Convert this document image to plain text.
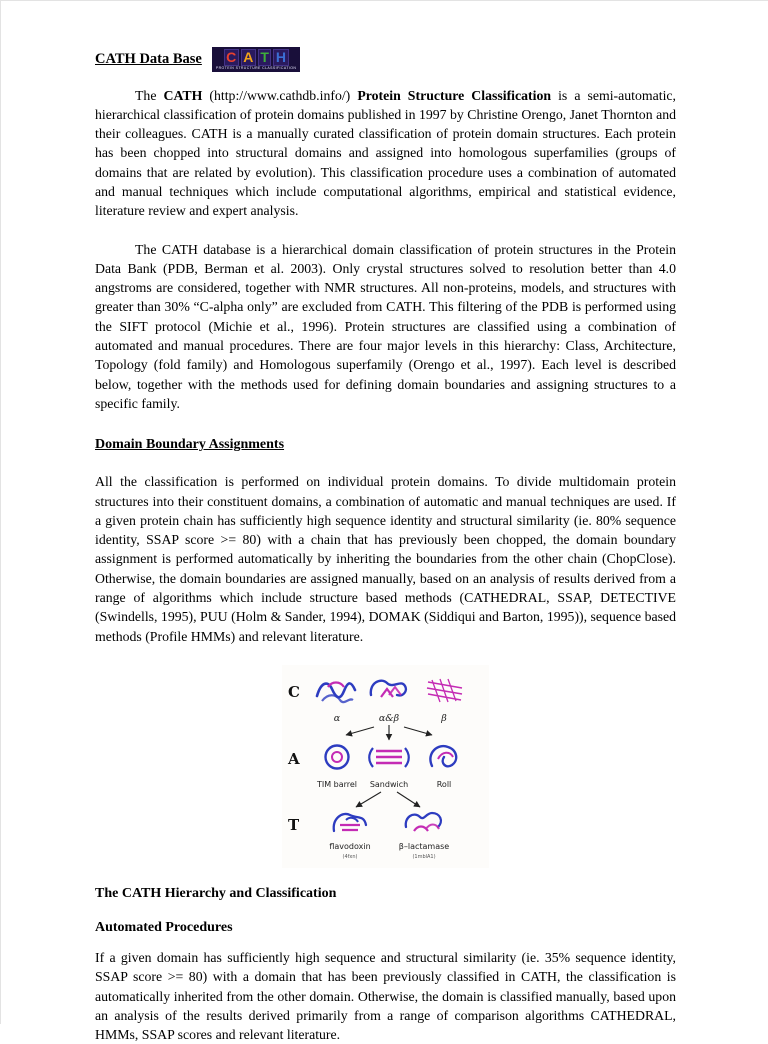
CATH Data Base C A T H
PROTEIN STRUCTURE CLASSIFICATION

The CATH (http://www.cathdb.info/) Protein Structure Classification is a semi-automatic, hierarchical classification of protein domains published in 1997 by Christine Orengo, Janet Thornton and their colleagues. CATH is a manually curated classification of protein domain structures. Each protein has been chopped into structural domains and assigned into homologous superfamilies (groups of domains that are related by evolution). This classification procedure uses a combination of automated and manual techniques which include computational algorithms, empirical and statistical evidence, literature review and expert analysis.

The CATH database is a hierarchical domain classification of protein structures in the Protein Data Bank (PDB, Berman et al. 2003). Only crystal structures solved to resolution better than 4.0 angstroms are considered, together with NMR structures. All non-proteins, models, and structures with greater than 30% “C-alpha only” are excluded from CATH. This filtering of the PDB is performed using the SIFT protocol (Michie et al., 1996). Protein structures are classified using a combination of automated and manual procedures. There are four major levels in this hierarchy: Class, Architecture, Topology (fold family) and Homologous superfamily (Orengo et al., 1997). Each level is described below, together with the methods used for defining domain boundaries and assigning structures to a specific family.

Domain Boundary Assignments

All the classification is performed on individual protein domains. To divide multidomain protein structures into their constituent domains, a combination of automatic and manual techniques are used. If a given protein chain has sufficiently high sequence identity and structural similarity (ie. 80% sequence identity, SSAP score >= 80) with a chain that has previously been chopped, the domain boundary assignment is performed automatically by inheriting the boundaries from the other chain (ChopClose). Otherwise, the domain boundaries are assigned manually, based on an analysis of results derived from a range of algorithms which include structure based methods (CATHEDRAL, SSAP, DETECTIVE (Swindells, 1995), PUU (Holm & Sander, 1994), DOMAK (Siddiqui and Barton, 1995)), sequence based methods (Profile HMMs) and relevant literature.

C
A
T
α	α&β	β
TIM barrel Sandwich	Roll
flavodoxin	β–lactamase
(4fxn)	(1mblA1)
The CATH Hierarchy and Classification
Automated Procedures

If a given domain has sufficiently high sequence and structural similarity (ie. 35% sequence identity, SSAP score >= 80) with a domain that has been previously classified in CATH, the classification is automatically inherited from the other domain. Otherwise, the domain is classified manually, based upon an analysis of the results derived primarily from a range of comparison algorithms CATHEDRAL, HMMs, SSAP scores and relevant literature.
